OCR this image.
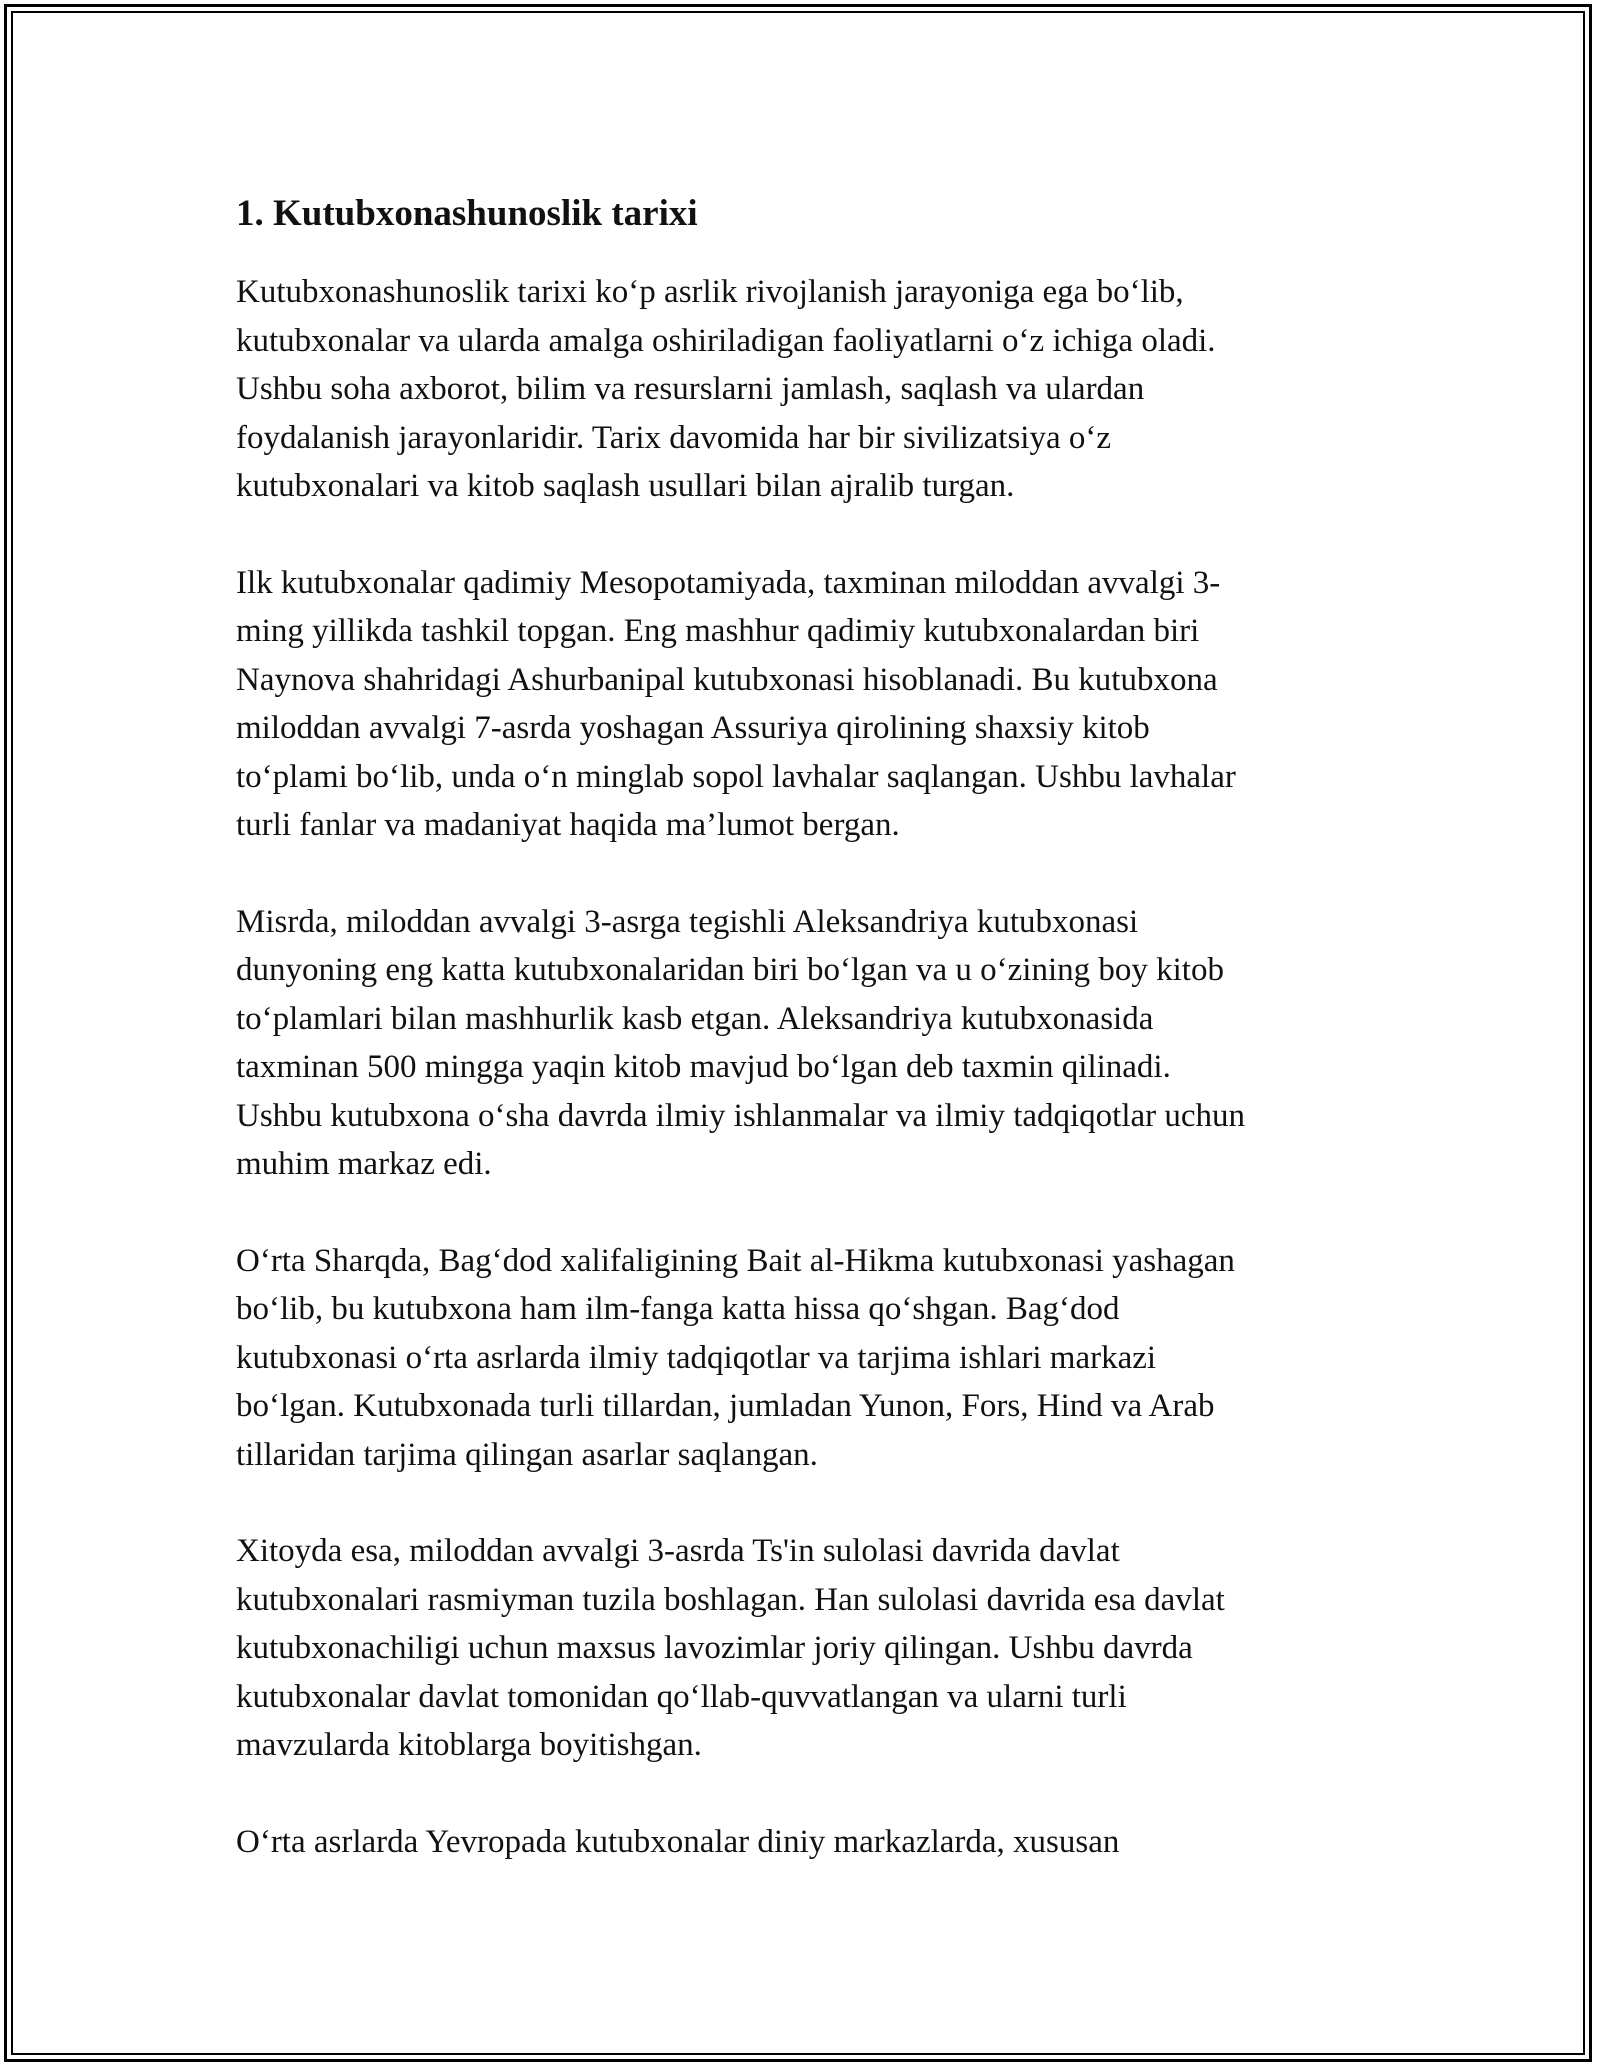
1. Kutubxonashunoslik tarixi
Kutubxonashunoslik tarixi ko‘p asrlik rivojlanish jarayoniga ega bo‘lib,
kutubxonalar va ularda amalga oshiriladigan faoliyatlarni o‘z ichiga oladi.
Ushbu soha axborot, bilim va resurslarni jamlash, saqlash va ulardan
foydalanish jarayonlaridir. Tarix davomida har bir sivilizatsiya o‘z
kutubxonalari va kitob saqlash usullari bilan ajralib turgan.
Ilk kutubxonalar qadimiy Mesopotamiyada, taxminan miloddan avvalgi 3-
ming yillikda tashkil topgan. Eng mashhur qadimiy kutubxonalardan biri
Naynova shahridagi Ashurbanipal kutubxonasi hisoblanadi. Bu kutubxona
miloddan avvalgi 7-asrda yoshagan Assuriya qirolining shaxsiy kitob
to‘plami bo‘lib, unda o‘n minglab sopol lavhalar saqlangan. Ushbu lavhalar
turli fanlar va madaniyat haqida ma’lumot bergan.
Misrda, miloddan avvalgi 3-asrga tegishli Aleksandriya kutubxonasi
dunyoning eng katta kutubxonalaridan biri bo‘lgan va u o‘zining boy kitob
to‘plamlari bilan mashhurlik kasb etgan. Aleksandriya kutubxonasida
taxminan 500 mingga yaqin kitob mavjud bo‘lgan deb taxmin qilinadi.
Ushbu kutubxona o‘sha davrda ilmiy ishlanmalar va ilmiy tadqiqotlar uchun
muhim markaz edi.
O‘rta Sharqda, Bag‘dod xalifaligining Bait al-Hikma kutubxonasi yashagan
bo‘lib, bu kutubxona ham ilm-fanga katta hissa qo‘shgan. Bag‘dod
kutubxonasi o‘rta asrlarda ilmiy tadqiqotlar va tarjima ishlari markazi
bo‘lgan. Kutubxonada turli tillardan, jumladan Yunon, Fors, Hind va Arab
tillaridan tarjima qilingan asarlar saqlangan.
Xitoyda esa, miloddan avvalgi 3-asrda Ts'in sulolasi davrida davlat
kutubxonalari rasmiyman tuzila boshlagan. Han sulolasi davrida esa davlat
kutubxonachiligi uchun maxsus lavozimlar joriy qilingan. Ushbu davrda
kutubxonalar davlat tomonidan qo‘llab-quvvatlangan va ularni turli
mavzularda kitoblarga boyitishgan.
O‘rta asrlarda Yevropada kutubxonalar diniy markazlarda, xususan
